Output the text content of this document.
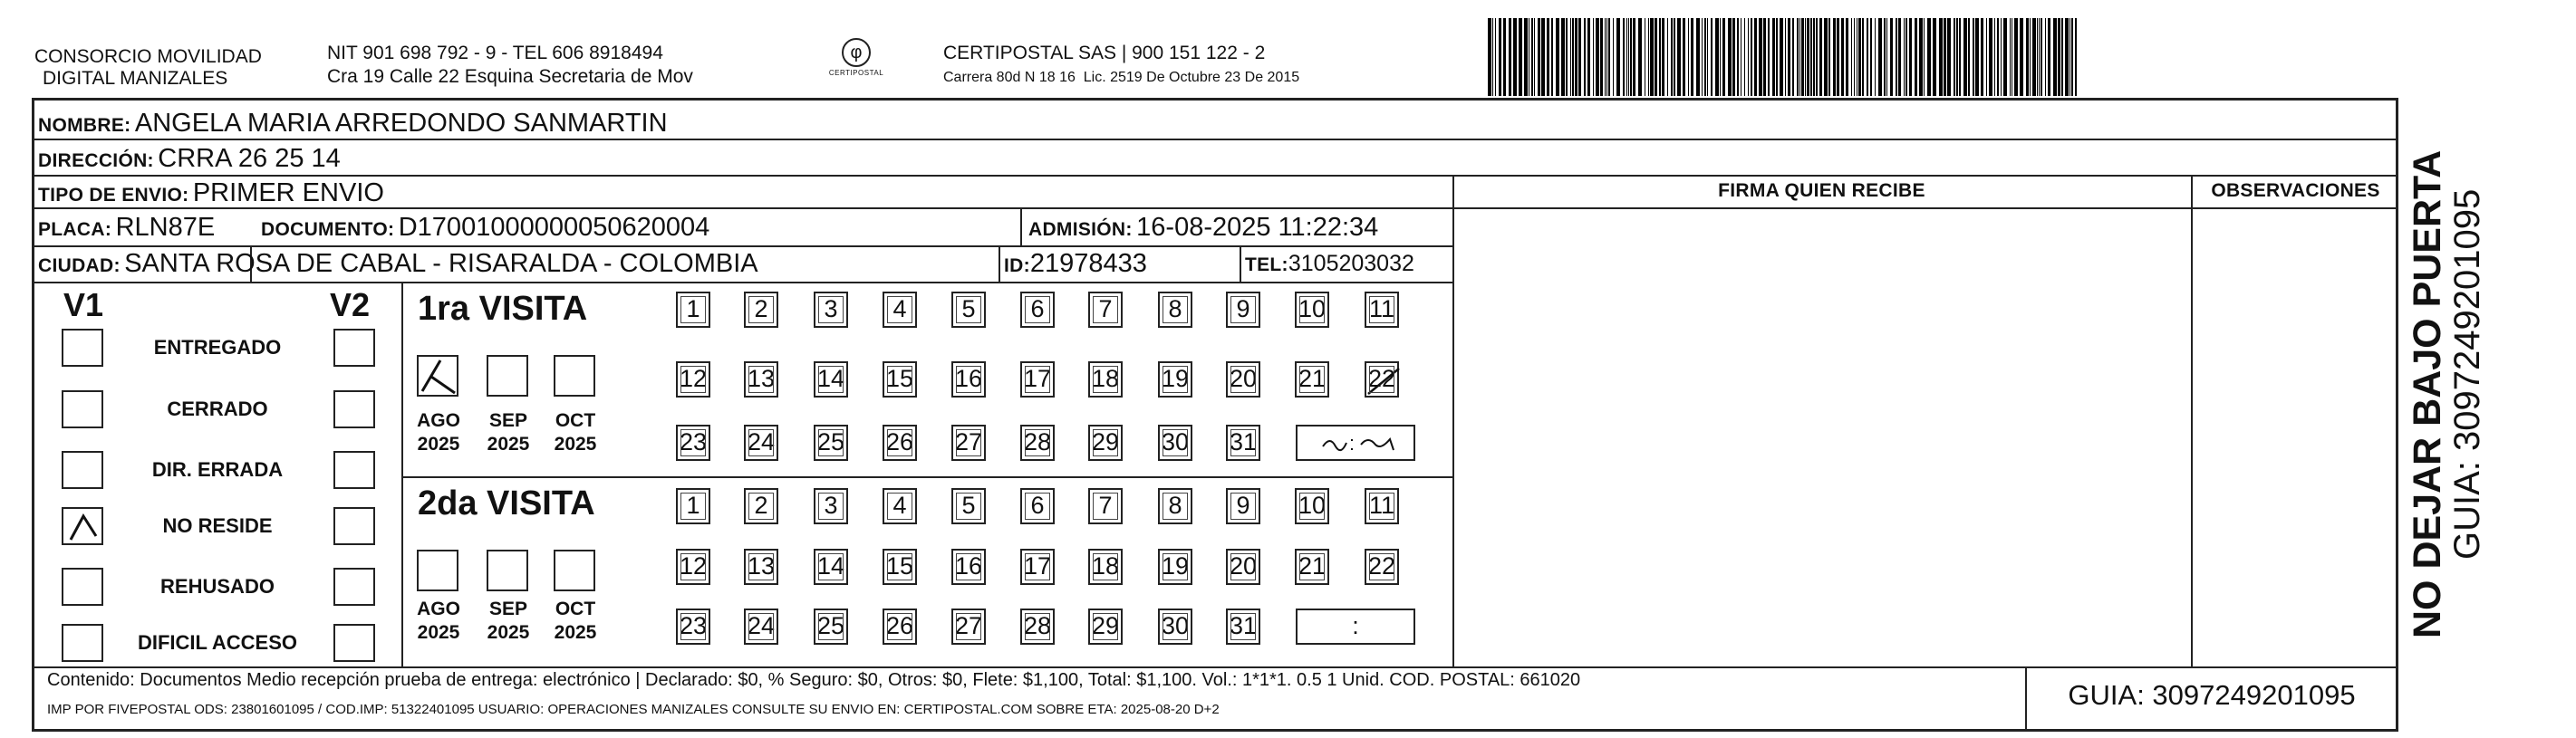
CONSORCIO MOVILIDAD
DIGITAL MANIZALES
NIT 901 698 792 - 9 - TEL 606 8918494
Cra 19 Calle 22 Esquina Secretaria de Mov
φ
CERTIPOSTAL
CERTIPOSTAL SAS | 900 151 122 - 2
Carrera 80d N 18 16  Lic. 2519 De Octubre 23 De 2015
NOMBRE: ANGELA MARIA ARREDONDO SANMARTIN
DIRECCIÓN: CRRA 26 25 14
TIPO DE ENVIO: PRIMER ENVIO	FIRMA QUIEN RECIBE	OBSERVACIONES
PLACA: RLN87E DOCUMENTO: D17001000000050620004	ADMISIÓN: 16-08-2025 11:22:34
CIUDAD: SANTA ROSA DE CABAL - RISARALDA - COLOMBIA	ID:21978433	TEL:3105203032
V1	V2
ENTREGADO
CERRADO
DIR. ERRADA
NO RESIDE
REHUSADO
DIFICIL ACCESO
1ra VISITA
2da VISITA
AGO
2025
SEP
2025
OCT
2025
1	2	3	4	5	6	7	8	9	10 11
12 13 14 15 16 17 18 19 20 21 22
23 24 25 26 27 28 29 30 31
AGO
2025
SEP
2025
OCT
2025
1	2	3	4	5	6	7	8	9	10 11
12 13 14 15 16 17 18 19 20 21 22
23 24 25 26 27 28 29 30 31	:
Contenido: Documentos Medio recepción prueba de entrega: electrónico | Declarado: $0, % Seguro: $0, Otros: $0, Flete: $1,100, Total: $1,100. Vol.: 1*1*1. 0.5 1 Unid. COD. POSTAL: 661020
IMP POR FIVEPOSTAL ODS: 23801601095 / COD.IMP: 51322401095 USUARIO: OPERACIONES MANIZALES CONSULTE SU ENVIO EN: CERTIPOSTAL.COM SOBRE ETA: 2025-08-20 D+2	GUIA: 3097249201095
NO DEJAR BAJO PUERTA
GUIA: 3097249201095
